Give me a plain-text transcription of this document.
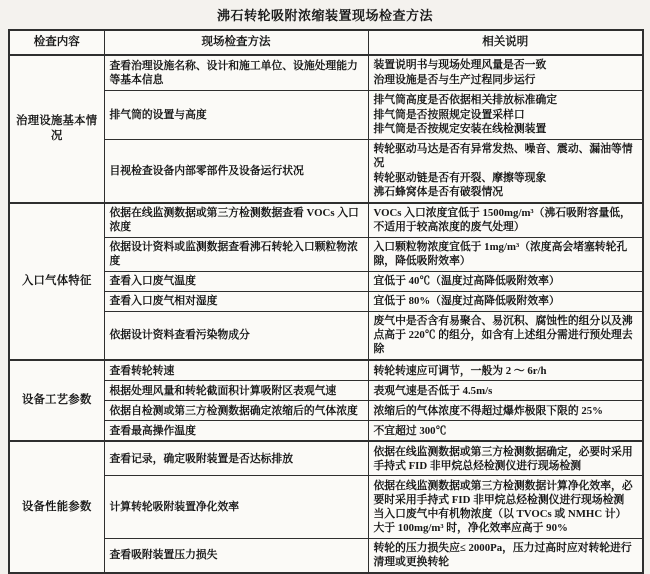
沸石转轮吸附浓缩装置现场检查方法
检查内容	现场检查方法	相关说明
治理设施基本情况	查看治理设施名称、设计和施工单位、设施处理能力等基本信息	装置说明书与现场处理风量是否一致
治理设施是否与生产过程同步运行

	排气筒的设置与高度	排气筒高度是否依据相关排放标准确定
排气筒是否按照规定设置采样口
排气筒是否按规定安装在线检测装置

	目视检查设备内部零部件及设备运行状况	转轮驱动马达是否有异常发热、噪音、震动、漏油等情况
转轮驱动链是否有开裂、摩擦等现象
沸石蜂窝体是否有破裂情况

入口气体特征	依据在线监测数据或第三方检测数据查看 VOCs 入口浓度	VOCs 入口浓度宜低于 1500mg/m³（沸石吸附容量低，不适用于较高浓度的废气处理）

	依据设计资料或监测数据查看沸石转轮入口颗粒物浓度	入口颗粒物浓度宜低于 1mg/m³（浓度高会堵塞转轮孔隙，降低吸附效率）

	查看入口废气温度	宜低于 40℃（温度过高降低吸附效率）

	查看入口废气相对湿度	宜低于 80%（湿度过高降低吸附效率）

	依据设计资料查看污染物成分	废气中是否含有易聚合、易沉积、腐蚀性的组分以及沸点高于 220℃ 的组分，如含有上述组分需进行预处理去除

设备工艺参数	查看转轮转速	转轮转速应可调节，一般为 2 ～ 6r/h

	根据处理风量和转轮截面积计算吸附区表观气速	表观气速是否低于 4.5m/s

	依据自检测或第三方检测数据确定浓缩后的气体浓度	浓缩后的气体浓度不得超过爆炸极限下限的 25%

	查看最高操作温度	不宜超过 300℃

设备性能参数	查看记录，确定吸附装置是否达标排放	依据在线监测数据或第三方检测数据确定，必要时采用手持式 FID 非甲烷总烃检测仪进行现场检测

	计算转轮吸附装置净化效率	依据在线监测数据或第三方检测数据计算净化效率，必要时采用手持式 FID 非甲烷总烃检测仪进行现场检测
当入口废气中有机物浓度（以 TVOCs 或 NMHC 计）大于 100mg/m³ 时，净化效率应高于 90%

	查看吸附装置压力损失	转轮的压力损失应≤ 2000Pa，压力过高时应对转轮进行清理或更换转轮
